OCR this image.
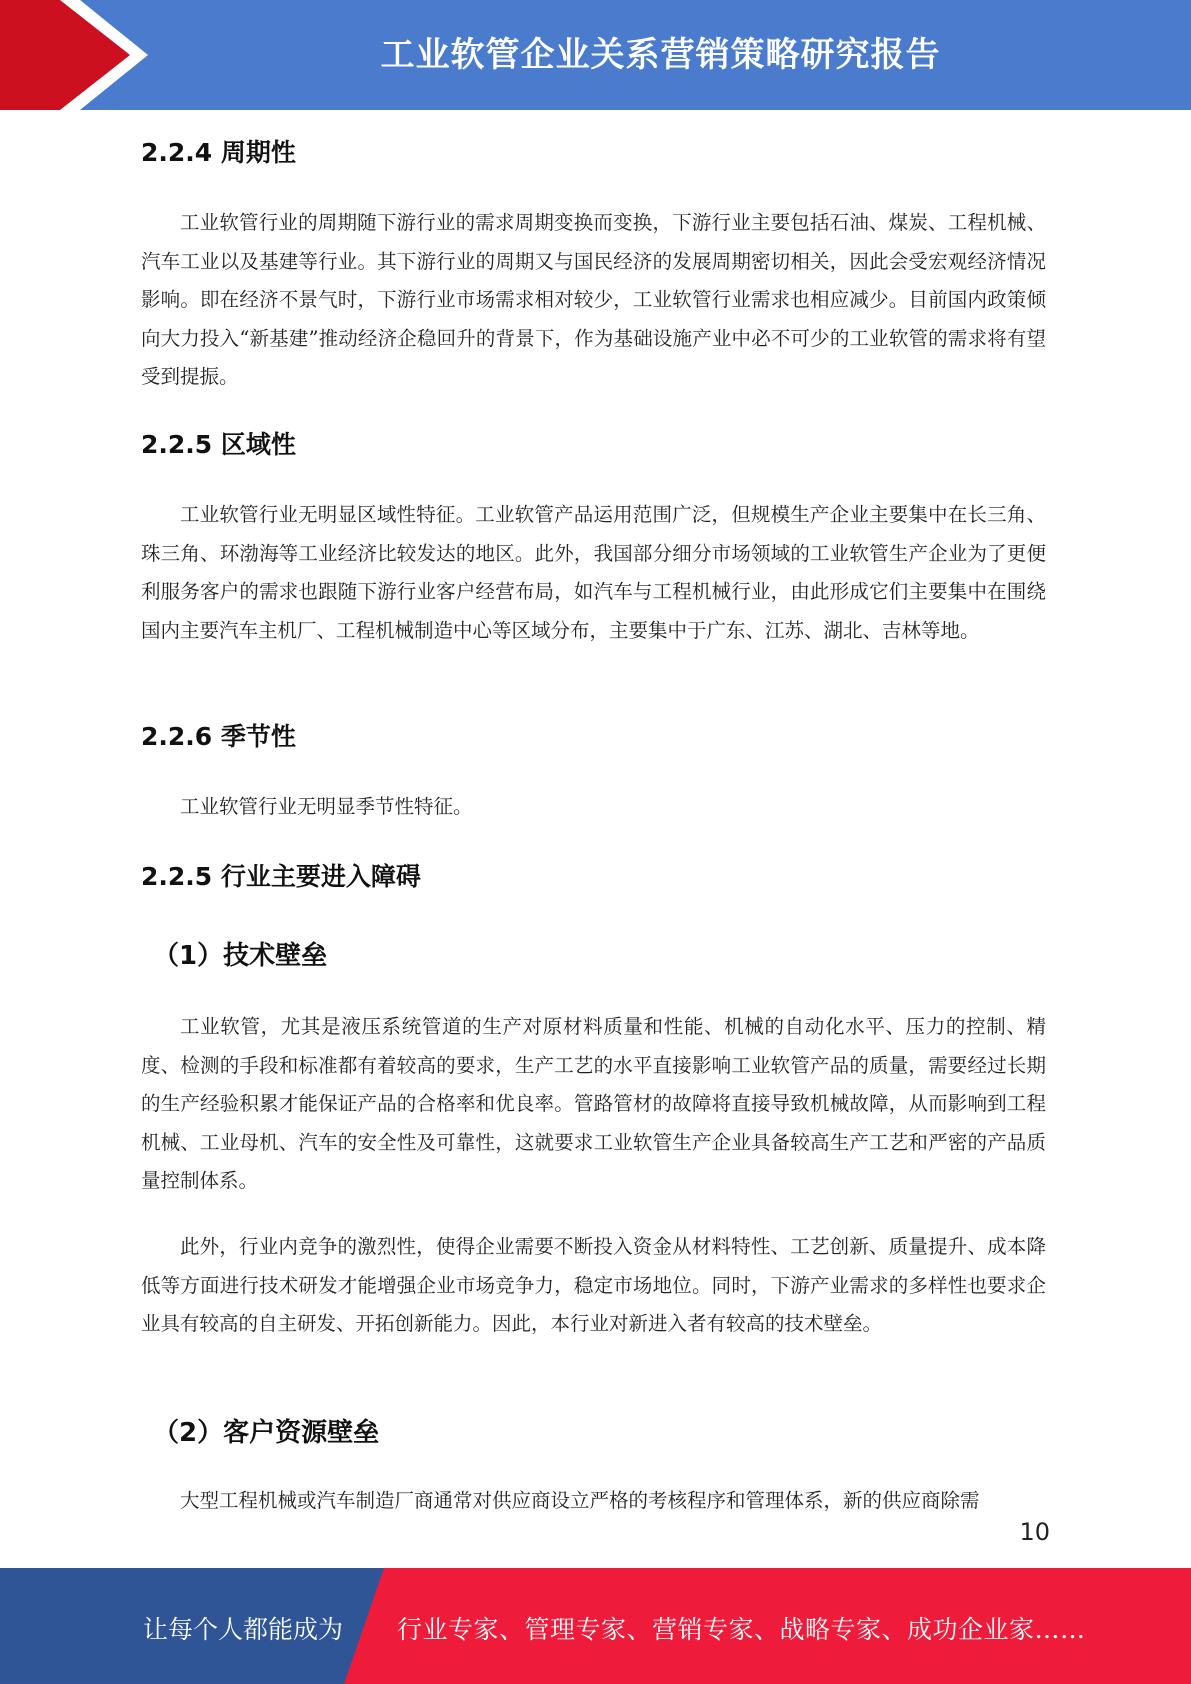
工业软管企业关系营销策略研究报告
2.2.4 周期性

工业软管行业的周期随下游行业的需求周期变换而变换，下游行业主要包括石油、煤炭、工程机械、汽车工业以及基建等行业。其下游行业的周期又与国民经济的发展周期密切相关，因此会受宏观经济情况影响。即在经济不景气时，下游行业市场需求相对较少，工业软管行业需求也相应减少。目前国内政策倾向大力投入“新基建”推动经济企稳回升的背景下，作为基础设施产业中必不可少的工业软管的需求将有望受到提振。

2.2.5 区域性

工业软管行业无明显区域性特征。工业软管产品运用范围广泛，但规模生产企业主要集中在长三角、珠三角、环渤海等工业经济比较发达的地区。此外，我国部分细分市场领域的工业软管生产企业为了更便利服务客户的需求也跟随下游行业客户经营布局，如汽车与工程机械行业，由此形成它们主要集中在围绕国内主要汽车主机厂、工程机械制造中心等区域分布，主要集中于广东、江苏、湖北、吉林等地。

2.2.6 季节性

工业软管行业无明显季节性特征。

2.2.5 行业主要进入障碍
（1）技术壁垒

工业软管，尤其是液压系统管道的生产对原材料质量和性能、机械的自动化水平、压力的控制、精度、检测的手段和标准都有着较高的要求，生产工艺的水平直接影响工业软管产品的质量，需要经过长期的生产经验积累才能保证产品的合格率和优良率。管路管材的故障将直接导致机械故障，从而影响到工程机械、工业母机、汽车的安全性及可靠性，这就要求工业软管生产企业具备较高生产工艺和严密的产品质量控制体系。

此外，行业内竞争的激烈性，使得企业需要不断投入资金从材料特性、工艺创新、质量提升、成本降低等方面进行技术研发才能增强企业市场竞争力，稳定市场地位。同时，下游产业需求的多样性也要求企业具有较高的自主研发、开拓创新能力。因此，本行业对新进入者有较高的技术壁垒。

（2）客户资源壁垒

大型工程机械或汽车制造厂商通常对供应商设立严格的考核程序和管理体系，新的供应商除需

10
让每个人都能成为 行业专家、管理专家、营销专家、战略专家、成功企业家……
